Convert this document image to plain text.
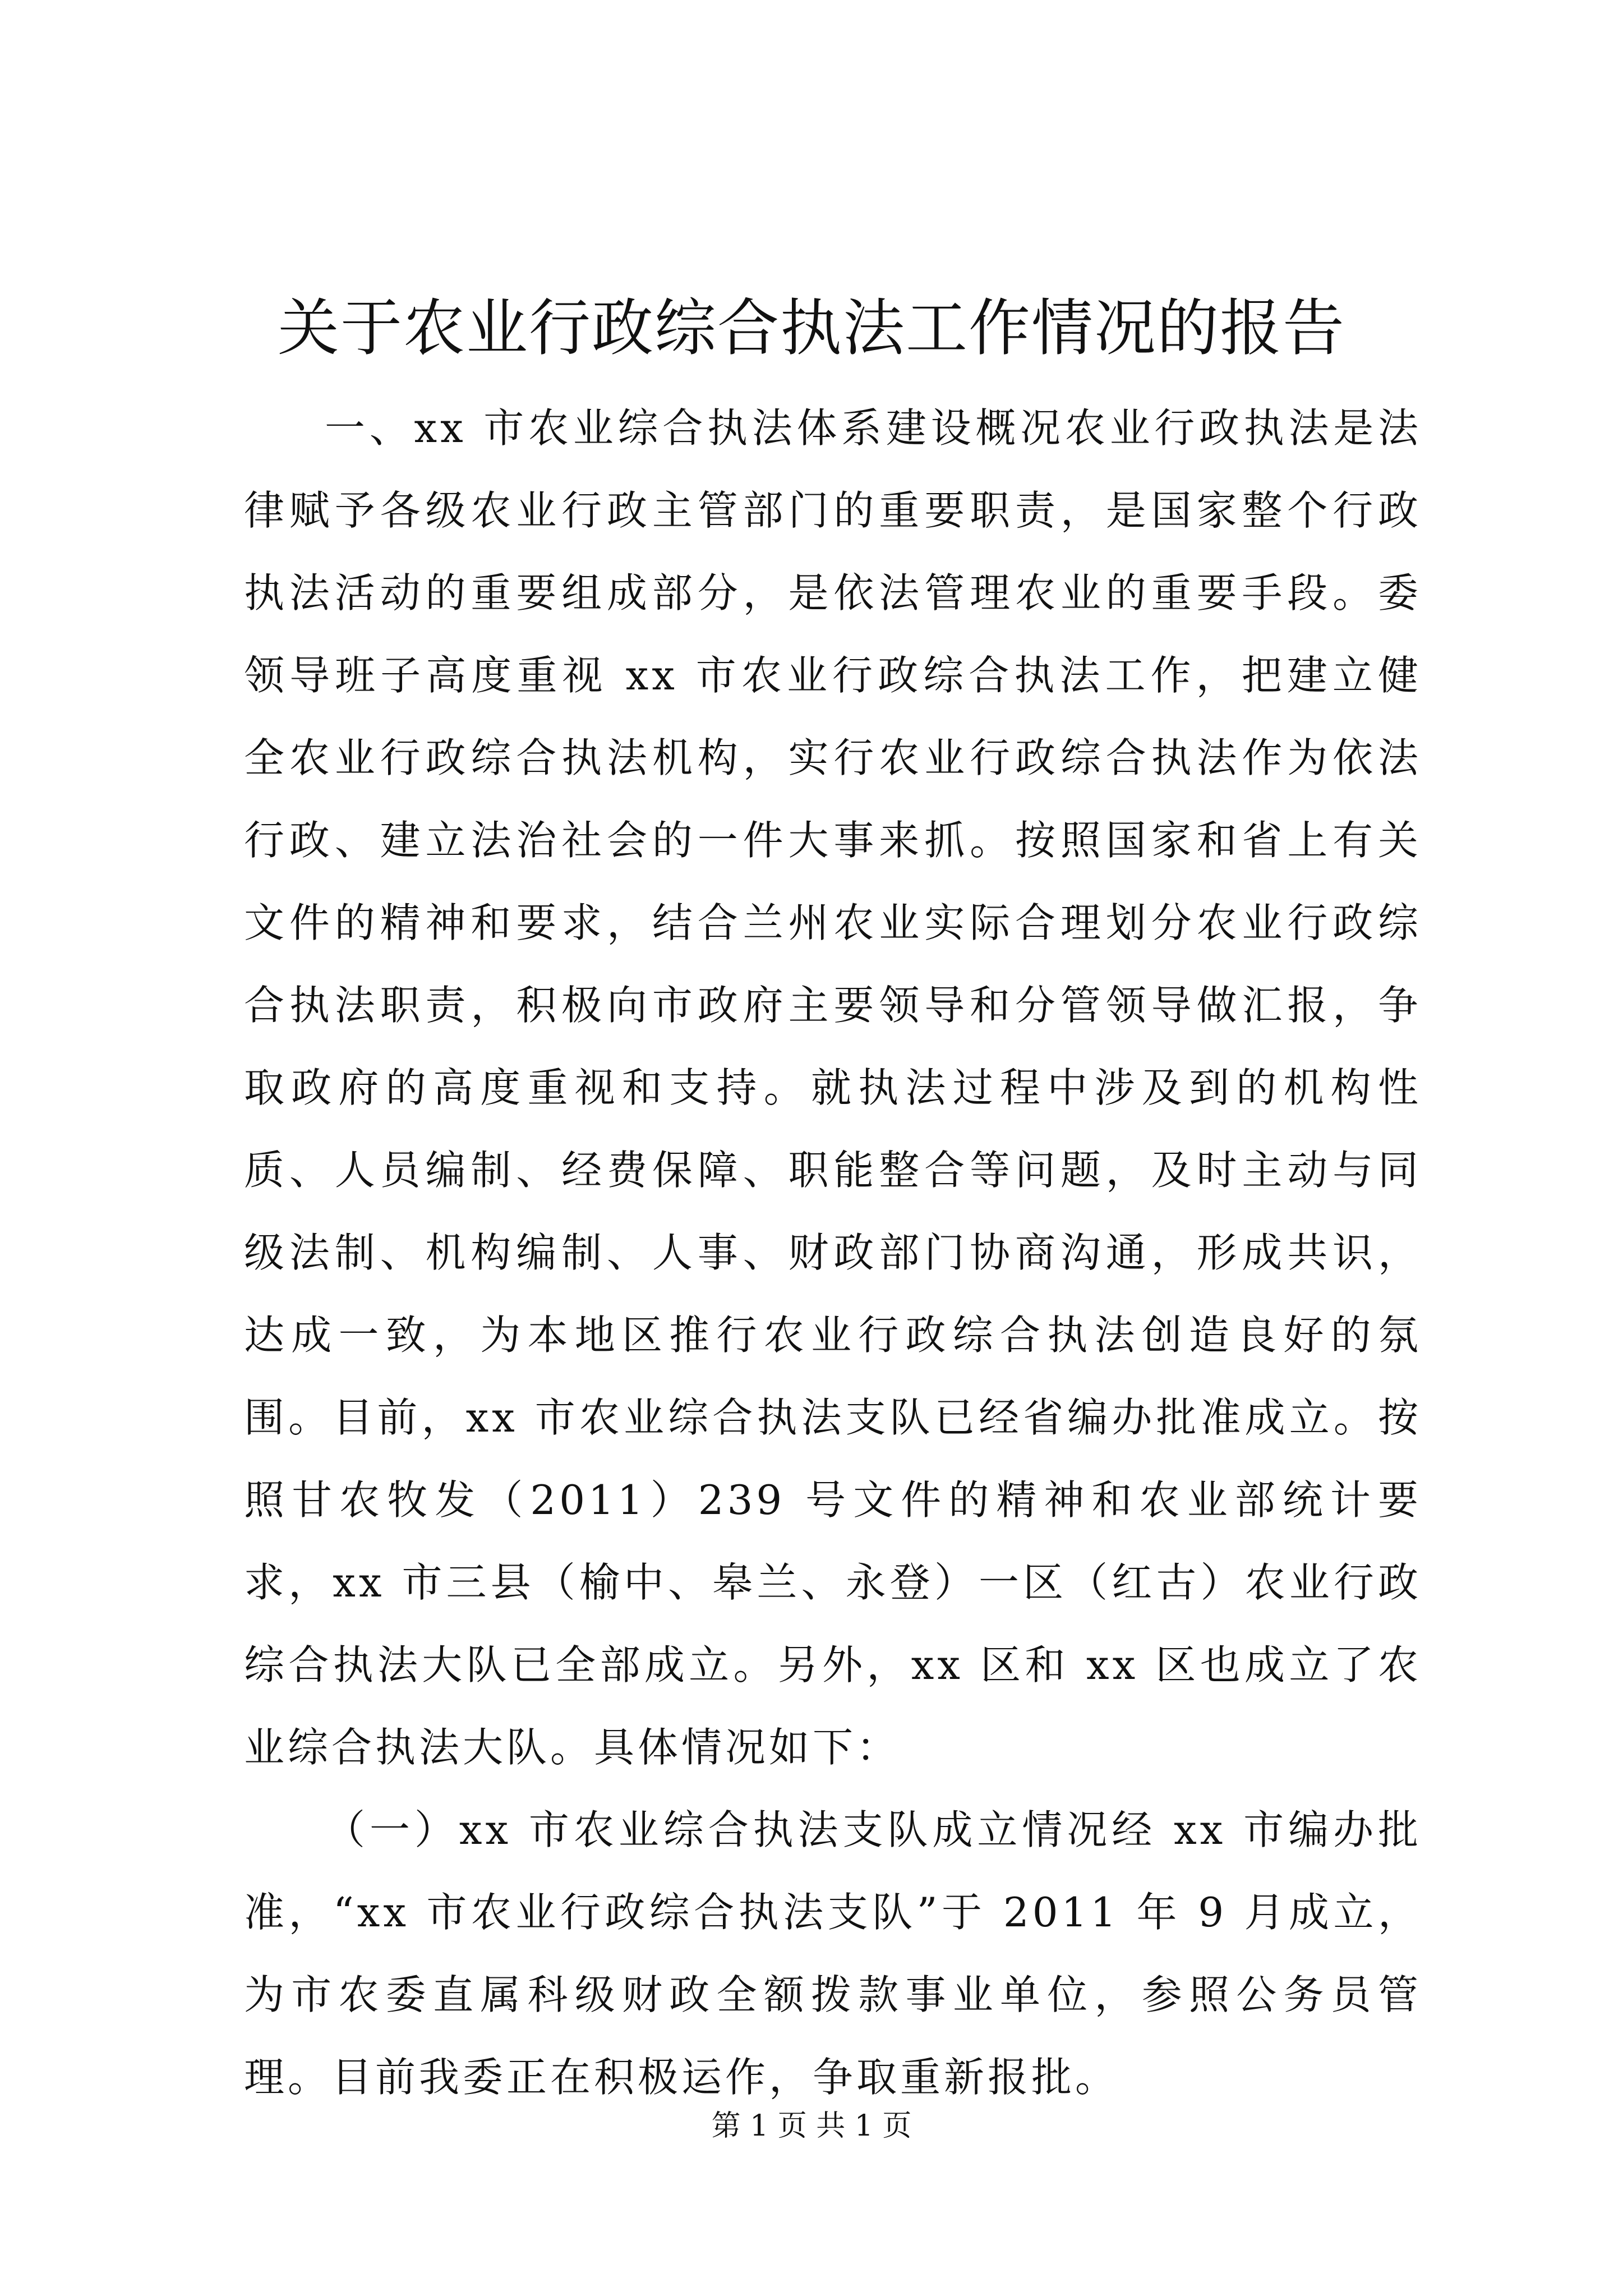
关于农业行政综合执法工作情况的报告

一、xx 市农业综合执法体系建设概况农业行政执法是法律赋予各级农业行政主管部门的重要职责，是国家整个行政执法活动的重要组成部分，是依法管理农业的重要手段。委领导班子高度重视 xx 市农业行政综合执法工作，把建立健全农业行政综合执法机构，实行农业行政综合执法作为依法行政、建立法治社会的一件大事来抓。按照国家和省上有关文件的精神和要求，结合兰州农业实际合理划分农业行政综合执法职责，积极向市政府主要领导和分管领导做汇报，争取政府的高度重视和支持。就执法过程中涉及到的机构性质、人员编制、经费保障、职能整合等问题，及时主动与同级法制、机构编制、人事、财政部门协商沟通，形成共识，达成一致，为本地区推行农业行政综合执法创造良好的氛围。目前，xx 市农业综合执法支队已经省编办批准成立。按照甘农牧发（2011）239 号文件的精神和农业部统计要求，xx 市三县（榆中、皋兰、永登）一区（红古）农业行政综合执法大队已全部成立。另外，xx 区和 xx 区也成立了农业综合执法大队。具体情况如下：

（一）xx 市农业综合执法支队成立情况经 xx 市编办批准，“xx 市农业行政综合执法支队”于 2011 年 9 月成立，为市农委直属科级财政全额拨款事业单位，参照公务员管理。目前我委正在积极运作，争取重新报批。

第 1 页 共 1 页
